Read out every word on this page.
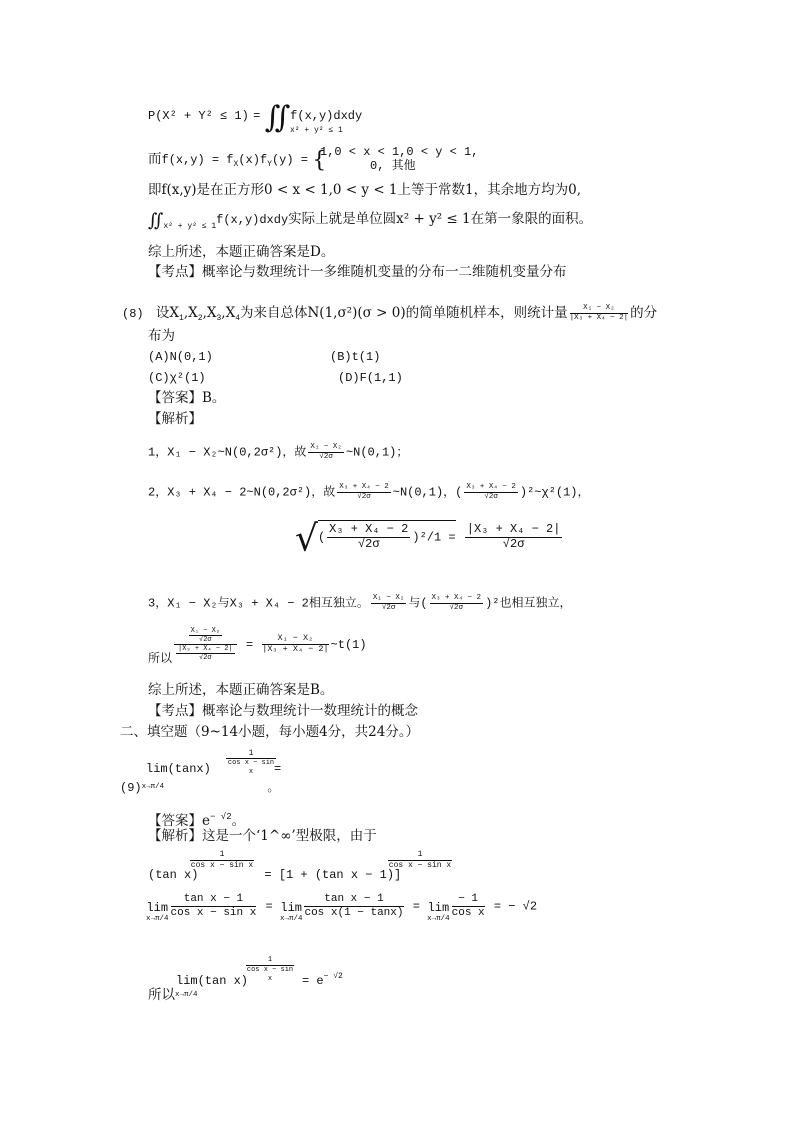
P(X² + Y² ≤ 1) = ∬f(x,y)dxdy
x² + y² ≤ 1
而$f(x,y) = f_X(x)f_Y(y)$ = {
1,0 < x < 1,0 < y < 1,
0, 其他
即f(x,y)是在正方形0 < x < 1,0 < y < 1上等于常数1，其余地方均为0,
$∬_{x^2 + y^2 \le 1}f(x,y)dxdy$实际上就是单位圆x² + y² ≤ 1在第一象限的面积。
综上所述，本题正确答案是D。
【考点】概率论与数理统计一多维随机变量的分布一二维随机变量分布
(8) 设$X_1,X_2,X_3,X_4$为来自总体N(1,σ²)(σ > 0)的简单随机样本，则统计量 $\frac{\text{X₁ − X₂}}{\text{|X₃ + X₄ − 2|}}$ 的分
布为
(A)N(0,1)	(B)t(1)
(C)χ²(1)	(D)F(1,1)
【答案】B。
【解析】
1，X₁ − X₂~N(0,2σ²)，故 $\frac{\text{X₁ − X₂}}{√2\sigma}$ ~N(0,1)；
2，X₃ + X₄ − 2~N(0,2σ²)，故 $\frac{\text{X₃ + X₄ − 2}}{√2\sigma}$ ~N(0,1)，( $\frac{\text{X₃ + X₄ − 2}}{√2\sigma}$ )²~χ²(1)，
√( $\frac{\text{X₃ + X₄ − 2}}{√2\sigma} )^2/1 = \frac{\text{|X₃ + X₄ − 2|}}{√2\sigma}$
3，X₁ − X₂与X₃ + X₄ − 2相互独立。 $\frac{\text{X₁ − X₂}}{√2\sigma}$ 与( $\frac{\text{X₃ + X₄ − 2}}{√2\sigma} )^2$也相互独立，
所以 $\frac{\frac{\text{X₁ − X₂}}{√2\sigma}}{\frac{\text{|X₃ + X₄ − 2|}}{√2\sigma}} = \frac{\text{X₁ − X₂}}{\text{|X₃ + X₄ − 2|}}$ ~t(1)
综上所述，本题正确答案是B。
【考点】概率论与数理统计一数理统计的概念
二、填空题（9~14小题，每小题4分，共24分。）
$\frac{1}{\text{cos x − sin x}}$
lim(tanx)	=
$(9)^{x\to\pi/4}$	。
【答案】$e^{- √2}$。
【解析】这是一个‘1^∞’型极限，由于
1
cos x − sin x
1
cos x − sin x
(tan x)	= [1 + (tan x − 1)]
lim
$x\to\pi/4 \frac{\text{tan x − 1}}{\text{cos x − sin x}} = \lim$
$x\to\pi/4 \frac{\text{tan x − 1}}{\text{cos x(1 − tanx)}} = \lim$
$x\to\pi/4 \frac{- 1}{\text{cos x}}$ = − √2
1
cos x − sin x
lim(tan x)	= $e^{- √2}$
所以$^{x\to\pi/4}$
